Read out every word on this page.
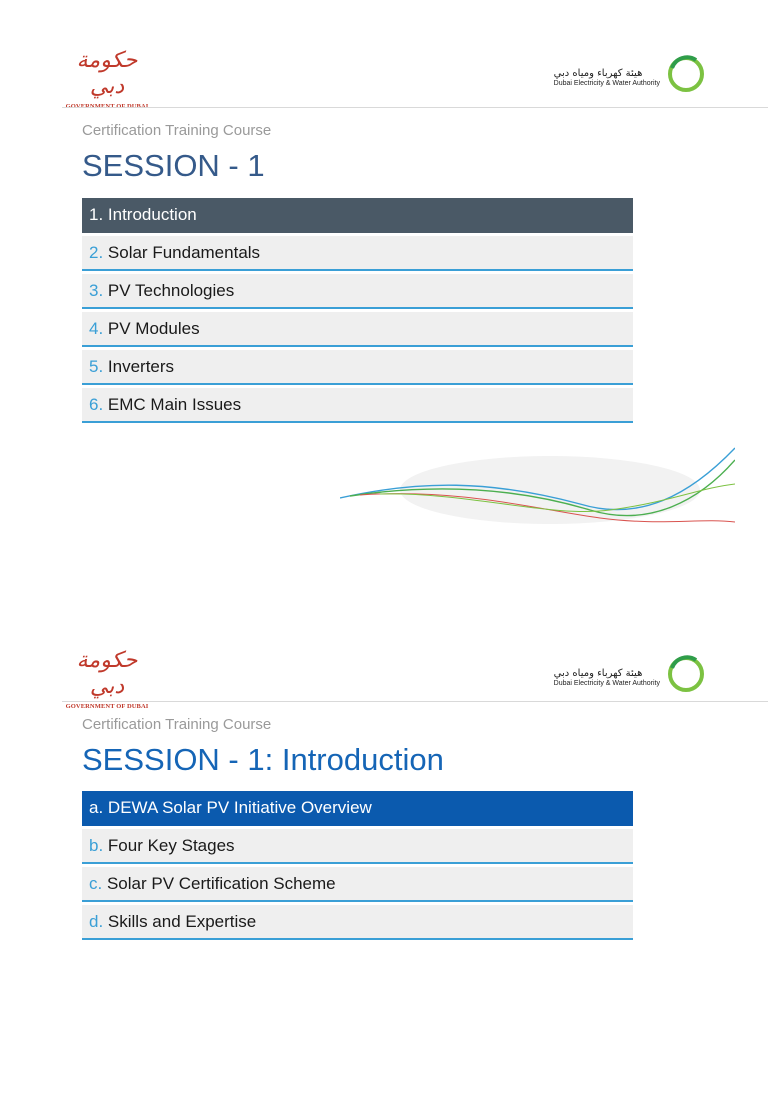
حكومة دبي
هيئة كهرباء ومياه دبي
Dubai Electricity & Water Authority
Certification Training Course
SESSION - 1
1. Introduction
2. Solar Fundamentals
3. PV Technologies
4. PV Modules
5. Inverters
6. EMC Main Issues
حكومة دبي
GOVERNMENT OF DUBAI
هيئة كهرباء ومياه دبي
Dubai Electricity & Water Authority
Certification Training Course
SESSION - 1: Introduction
a. DEWA Solar PV Initiative Overview
b. Four Key Stages
c. Solar PV Certification Scheme
d. Skills and Expertise
